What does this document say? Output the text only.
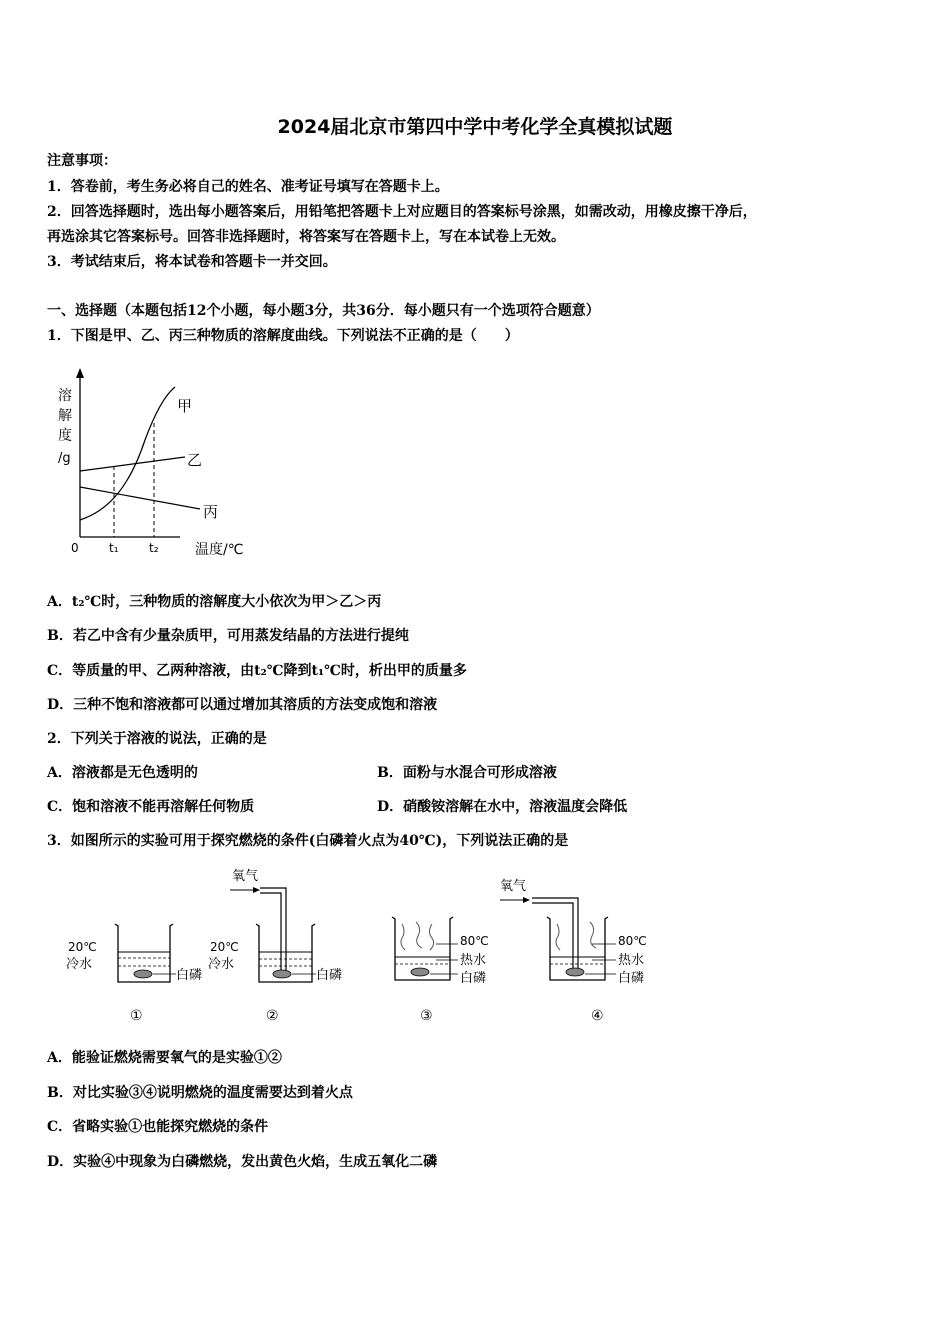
2024届北京市第四中学中考化学全真模拟试题
注意事项：
1．答卷前，考生务必将自己的姓名、准考证号填写在答题卡上。
2．回答选择题时，选出每小题答案后，用铅笔把答题卡上对应题目的答案标号涂黑，如需改动，用橡皮擦干净后，
再选涂其它答案标号。回答非选择题时，将答案写在答题卡上，写在本试卷上无效。
3．考试结束后，将本试卷和答题卡一并交回。
一、选择题（本题包括12个小题，每小题3分，共36分．每小题只有一个选项符合题意）
1．下图是甲、乙、丙三种物质的溶解度曲线。下列说法不正确的是（　　）
溶
解
度
/g
甲
乙
丙
0	t₁	t₂	温度/℃
A．t₂℃时，三种物质的溶解度大小依次为甲＞乙＞丙
B．若乙中含有少量杂质甲，可用蒸发结晶的方法进行提纯
C．等质量的甲、乙两种溶液，由t₂℃降到t₁℃时，析出甲的质量多
D．三种不饱和溶液都可以通过增加其溶质的方法变成饱和溶液
2．下列关于溶液的说法，正确的是
A．溶液都是无色透明的	B．面粉与水混合可形成溶液
C．饱和溶液不能再溶解任何物质	D．硝酸铵溶解在水中，溶液温度会降低
3．如图所示的实验可用于探究燃烧的条件(白磷着火点为40℃)，下列说法正确的是
20℃
冷水
白磷
①
氧气
20℃
冷水
白磷
②
80℃
热水
白磷
③
氧气
80℃
热水
白磷
④
A．能验证燃烧需要氧气的是实验①②
B．对比实验③④说明燃烧的温度需要达到着火点
C．省略实验①也能探究燃烧的条件
D．实验④中现象为白磷燃烧，发出黄色火焰，生成五氧化二磷
